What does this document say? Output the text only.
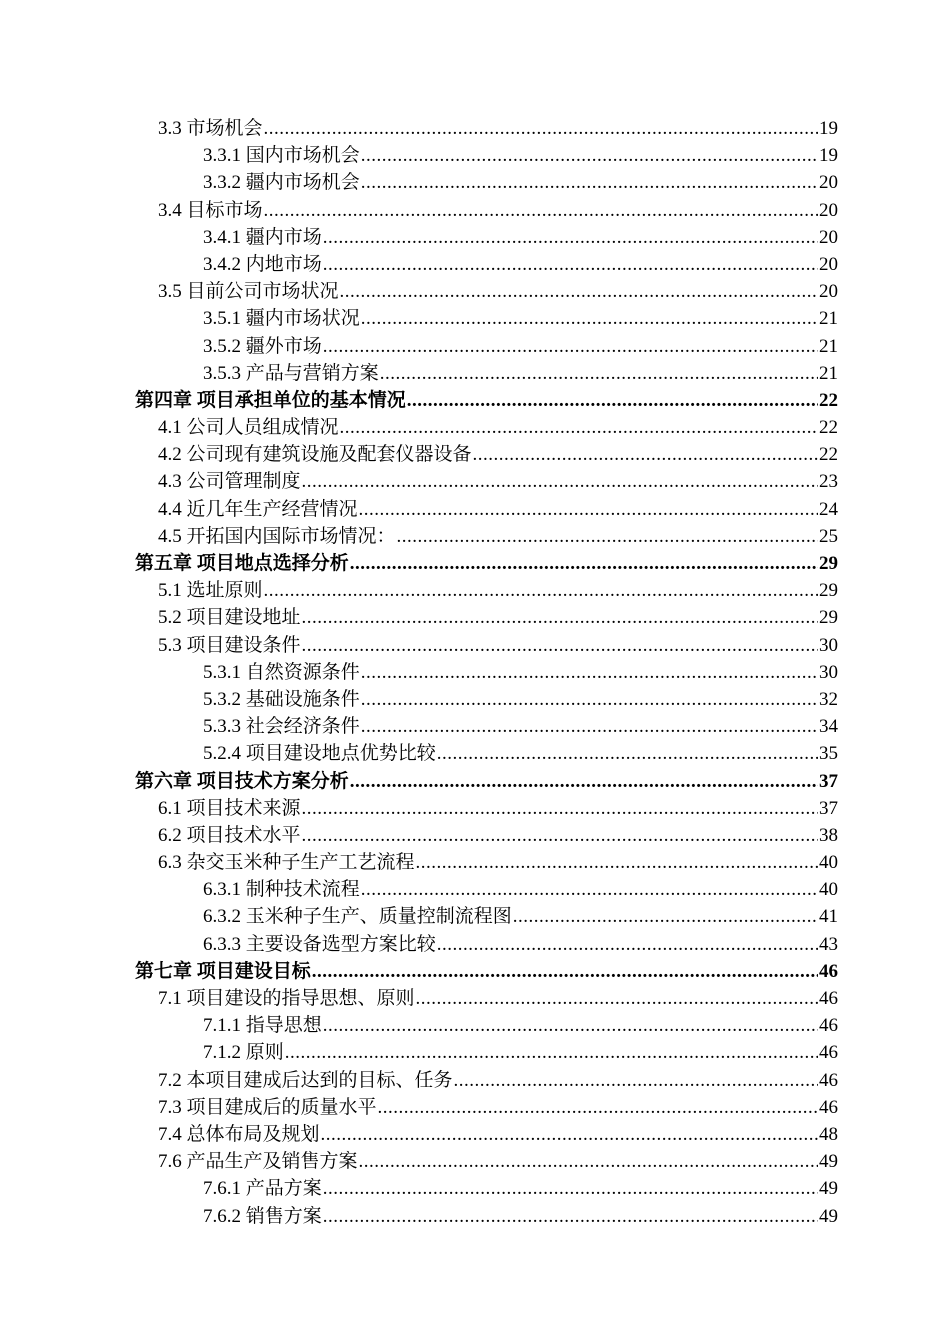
3.3 市场机会 .....	19
3.3.1 国内市场机会 .....	19
3.3.2 疆内市场机会 .....	20
3.4 目标市场 .....	20
3.4.1 疆内市场 .....	20
3.4.2 内地市场 .....	20
3.5 目前公司市场状况 .....	20
3.5.1 疆内市场状况 .....	21
3.5.2 疆外市场 .....	21
3.5.3 产品与营销方案 .....	21
第四章 项目承担单位的基本情况 .....	22
4.1 公司人员组成情况 .....	22
4.2 公司现有建筑设施及配套仪器设备 .....	22
4.3 公司管理制度 .....	23
4.4 近几年生产经营情况 .....	24
4.5 开拓国内国际市场情况： .....	25
第五章 项目地点选择分析 .....	29
5.1 选址原则 .....	29
5.2 项目建设地址 .....	29
5.3 项目建设条件 .....	30
5.3.1 自然资源条件 .....	30
5.3.2 基础设施条件 .....	32
5.3.3 社会经济条件 .....	34
5.2.4 项目建设地点优势比较 .....	35
第六章 项目技术方案分析 .....	37
6.1 项目技术来源 .....	37
6.2 项目技术水平 .....	38
6.3 杂交玉米种子生产工艺流程 .....	40
6.3.1 制种技术流程 .....	40
6.3.2 玉米种子生产、质量控制流程图 .....	41
6.3.3 主要设备选型方案比较 .....	43
第七章 项目建设目标 .....	46
7.1 项目建设的指导思想、原则 .....	46
7.1.1 指导思想 .....	46
7.1.2 原则 .....	46
7.2 本项目建成后达到的目标、任务 .....	46
7.3 项目建成后的质量水平 .....	46
7.4 总体布局及规划 .....	48
7.6 产品生产及销售方案 .....	49
7.6.1 产品方案 .....	49
7.6.2 销售方案 .....	49
